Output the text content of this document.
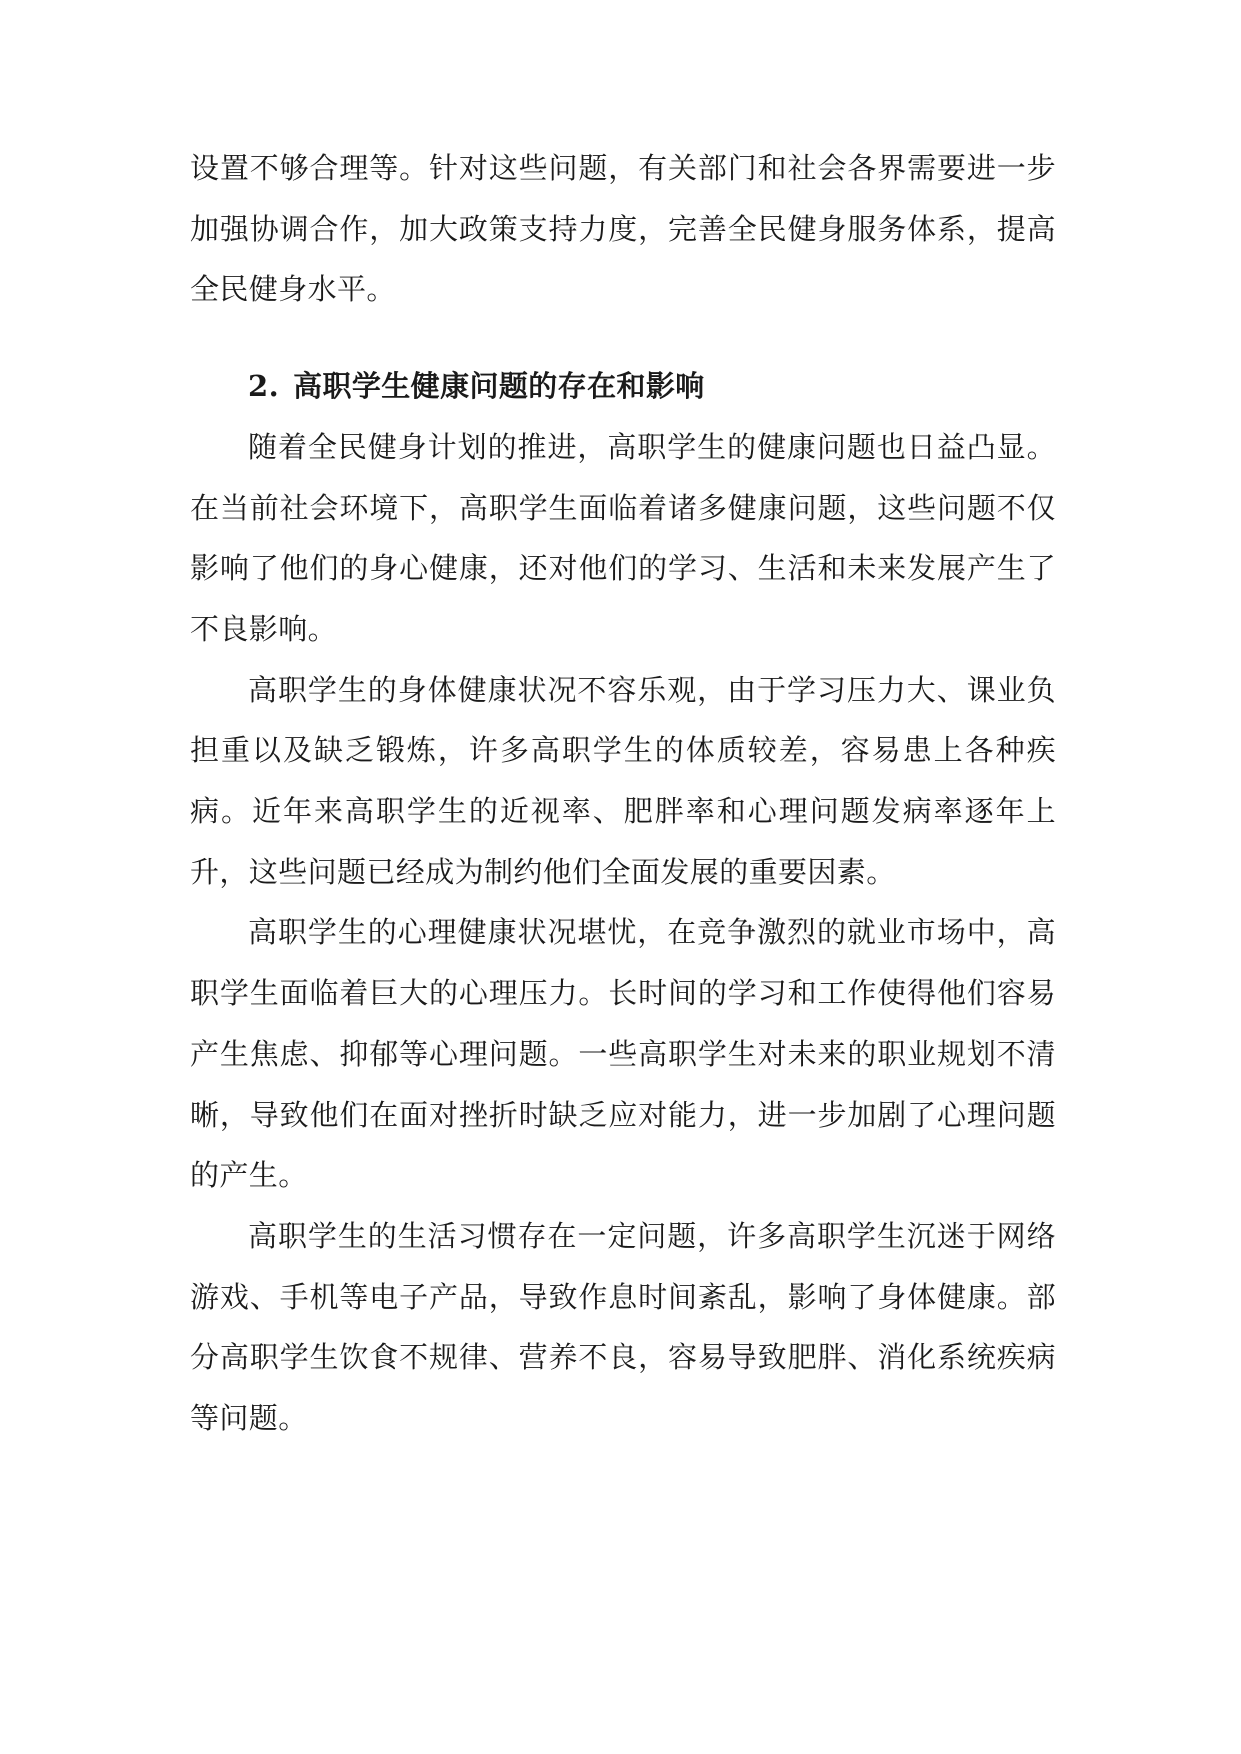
设置不够合理等。针对这些问题，有关部门和社会各界需要进一步加强协调合作，加大政策支持力度，完善全民健身服务体系，提高全民健身水平。

2. 高职学生健康问题的存在和影响

随着全民健身计划的推进，高职学生的健康问题也日益凸显。在当前社会环境下，高职学生面临着诸多健康问题，这些问题不仅影响了他们的身心健康，还对他们的学习、生活和未来发展产生了不良影响。

高职学生的身体健康状况不容乐观，由于学习压力大、课业负担重以及缺乏锻炼，许多高职学生的体质较差，容易患上各种疾病。近年来高职学生的近视率、肥胖率和心理问题发病率逐年上升，这些问题已经成为制约他们全面发展的重要因素。

高职学生的心理健康状况堪忧，在竞争激烈的就业市场中，高职学生面临着巨大的心理压力。长时间的学习和工作使得他们容易产生焦虑、抑郁等心理问题。一些高职学生对未来的职业规划不清晰，导致他们在面对挫折时缺乏应对能力，进一步加剧了心理问题的产生。

高职学生的生活习惯存在一定问题，许多高职学生沉迷于网络游戏、手机等电子产品，导致作息时间紊乱，影响了身体健康。部分高职学生饮食不规律、营养不良，容易导致肥胖、消化系统疾病等问题。
